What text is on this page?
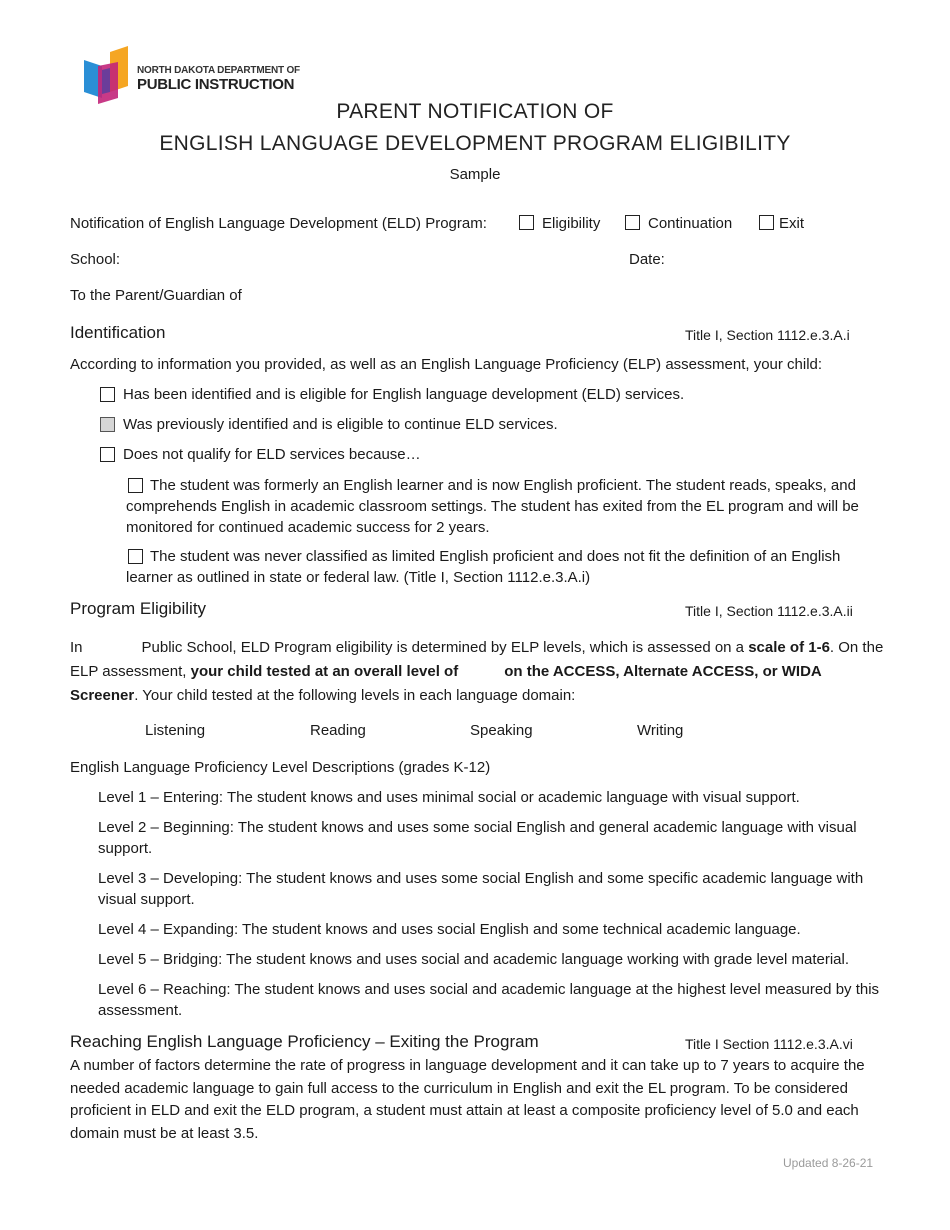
NORTH DAKOTA DEPARTMENT OF
PUBLIC INSTRUCTION
PARENT NOTIFICATION OF
ENGLISH LANGUAGE DEVELOPMENT PROGRAM ELIGIBILITY
Sample
Notification of English Language Development (ELD) Program:	Eligibility	Continuation	Exit
School:	Date:
To the Parent/Guardian of
Identification	Title I, Section 1112.e.3.A.i
According to information you provided, as well as an English Language Proficiency (ELP) assessment, your child:
Has been identified and is eligible for English language development (ELD) services.
Was previously identified and is eligible to continue ELD services.
Does not qualify for ELD services because…
The student was formerly an English learner and is now English proficient. The student reads, speaks, and comprehends English in academic classroom settings. The student has exited from the EL program and will be monitored for continued academic success for 2 years.
The student was never classified as limited English proficient and does not fit the definition of an English learner as outlined in state or federal law. (Title I, Section 1112.e.3.A.i)
Program Eligibility	Title I, Section 1112.e.3.A.ii
In	Public School, ELD Program eligibility is determined by ELP levels, which is assessed on a scale of 1-6. On the ELP assessment, your child tested at an overall level of	on the ACCESS, Alternate ACCESS, or WIDA Screener. Your child tested at the following levels in each language domain:
Listening	Reading	Speaking	Writing
English Language Proficiency Level Descriptions (grades K-12)
Level 1 – Entering: The student knows and uses minimal social or academic language with visual support.
Level 2 – Beginning: The student knows and uses some social English and general academic language with visual support.
Level 3 – Developing: The student knows and uses some social English and some specific academic language with visual support.
Level 4 – Expanding: The student knows and uses social English and some technical academic language.
Level 5 – Bridging: The student knows and uses social and academic language working with grade level material.
Level 6 – Reaching: The student knows and uses social and academic language at the highest level measured by this assessment.
Reaching English Language Proficiency – Exiting the Program	Title I Section 1112.e.3.A.vi
A number of factors determine the rate of progress in language development and it can take up to 7 years to acquire the needed academic language to gain full access to the curriculum in English and exit the EL program. To be considered proficient in ELD and exit the ELD program, a student must attain at least a composite proficiency level of 5.0 and each domain must be at least 3.5.
Updated 8-26-21
